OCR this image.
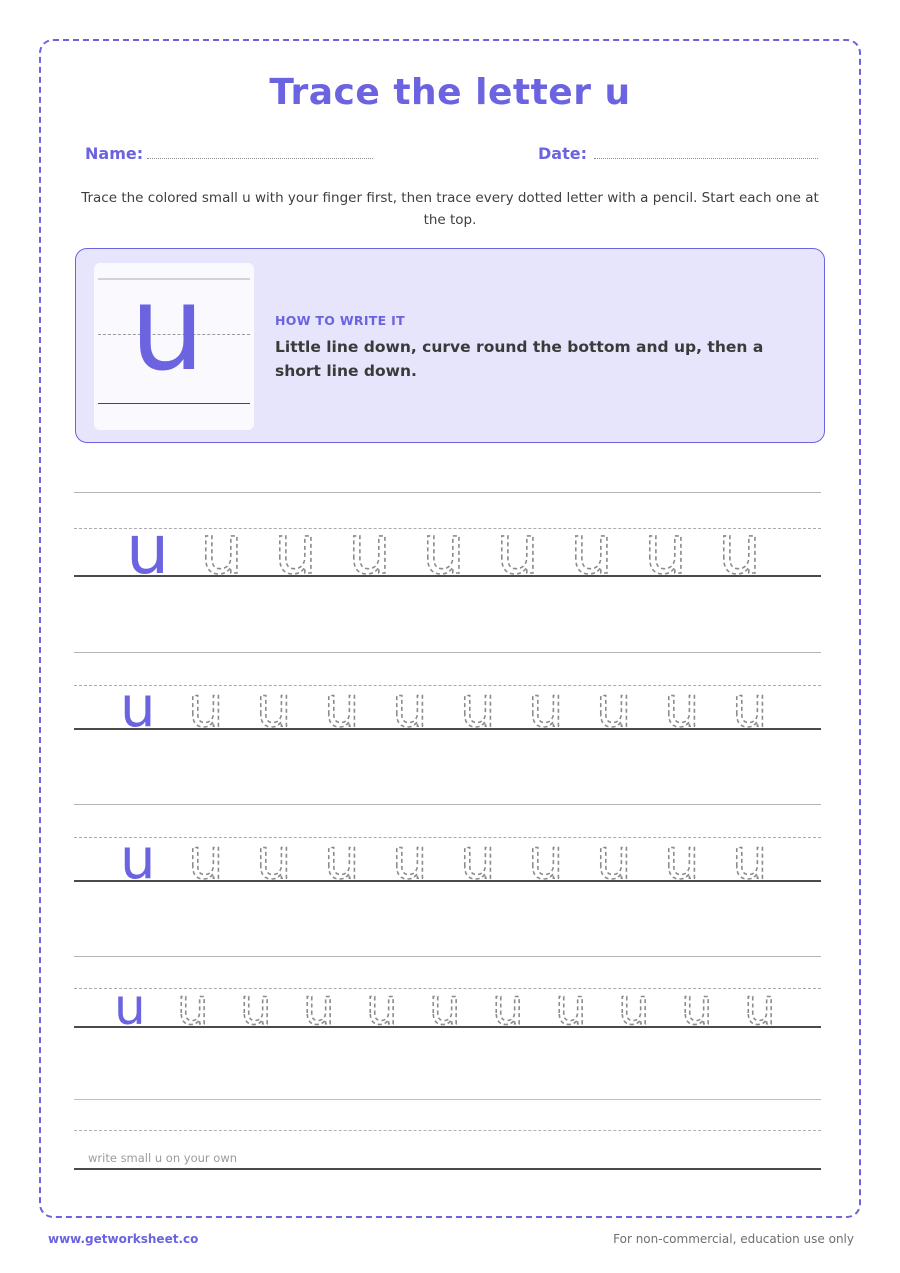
Trace the letter u
Name:	Date:
Trace the colored small u with your finger first, then trace every dotted letter with a pencil. Start each one at the top.
u	HOW TO WRITE IT
Little line down, curve round the bottom and up, then a short line down.
u u u u u u u u u
u u u u u u u u u u
u u u u u u u u u u
u u u u u u u u u u u
write small u on your own
www.getworksheet.co	For non-commercial, education use only
